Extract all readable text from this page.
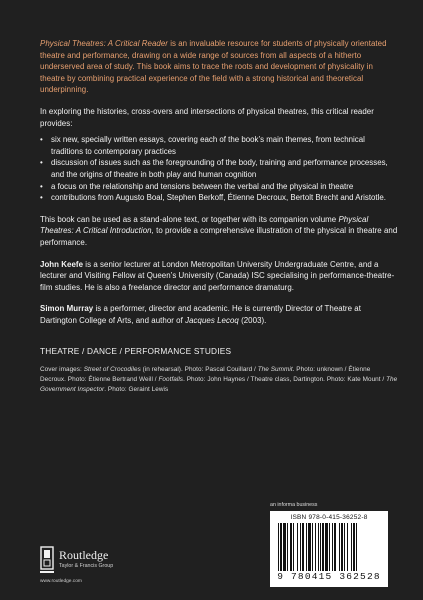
Physical Theatres: A Critical Reader is an invaluable resource for students of physically orientated theatre and performance, drawing on a wide range of sources from all aspects of a hitherto underserved area of study. This book aims to trace the roots and development of physicality in theatre by combining practical experience of the field with a strong historical and theoretical underpinning.

In exploring the histories, cross-overs and intersections of physical theatres, this critical reader provides:

• six new, specially written essays, covering each of the book’s main themes, from technical traditions to contemporary practices
• discussion of issues such as the foregrounding of the body, training and performance processes, and the origins of theatre in both play and human cognition
• a focus on the relationship and tensions between the verbal and the physical in theatre
• contributions from Augusto Boal, Stephen Berkoff, Étienne Decroux, Bertolt Brecht and Aristotle.

This book can be used as a stand-alone text, or together with its companion volume Physical Theatres: A Critical Introduction, to provide a comprehensive illustration of the physical in theatre and performance.

John Keefe is a senior lecturer at London Metropolitan University Undergraduate Centre, and a lecturer and Visiting Fellow at Queen’s University (Canada) ISC specialising in performance-theatre-film studies. He is also a freelance director and performance dramaturg.

Simon Murray is a performer, director and academic. He is currently Director of Theatre at Dartington College of Arts, and author of Jacques Lecoq (2003).

THEATRE / DANCE / PERFORMANCE STUDIES

Cover images: Street of Crocodiles (in rehearsal). Photo: Pascal Couillard / The Summit. Photo: unknown / Étienne Decroux. Photo: Étienne Bertrand Weill / Footfalls. Photo: John Haynes / Theatre class, Dartington. Photo: Kate Mount / The Government Inspector. Photo: Geraint Lewis

Routledge
Taylor & Francis Group
www.routledge.com
an informa business
ISBN 978-0-415-36252-8
9 780415 362528
